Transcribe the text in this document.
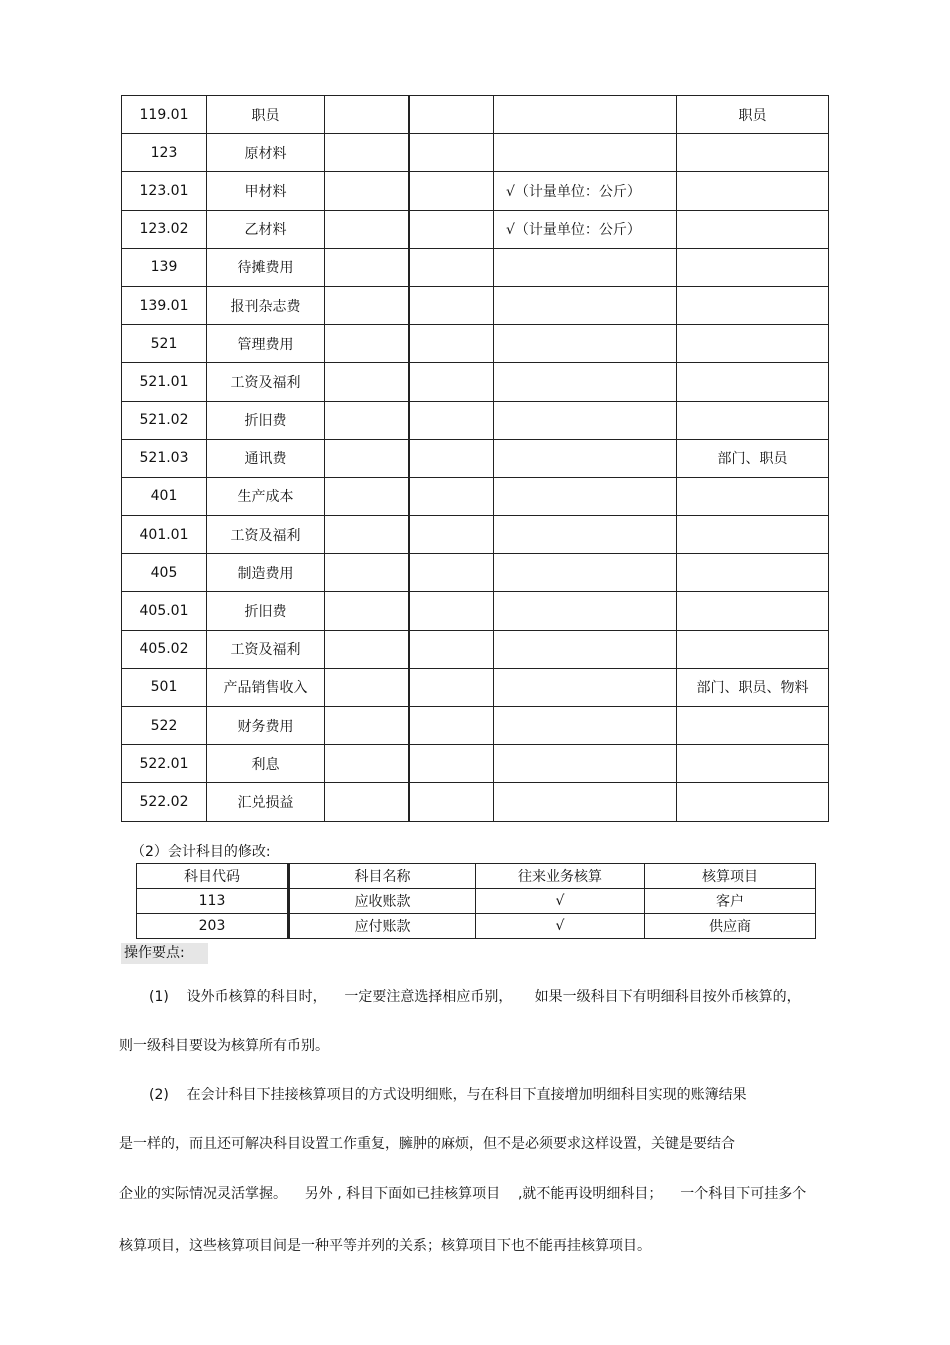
119.01	职员				职员
123	原材料				
123.01	甲材料			√（计量单位：公斤）	
123.02	乙材料			√（计量单位：公斤）	
139	待摊费用				
139.01	报刊杂志费				
521	管理费用				
521.01	工资及福利				
521.02	折旧费				
521.03	通讯费				部门、职员
401	生产成本				
401.01	工资及福利				
405	制造费用				
405.01	折旧费				
405.02	工资及福利				
501	产品销售收入				部门、职员、物料
522	财务费用				
522.01	利息				
522.02	汇兑损益				
（2）会计科目的修改:
科目代码	科目名称	往来业务核算	核算项目
113	应收账款	√	客户
203	应付账款	√	供应商
操作要点:
(1)    设外币核算的科目时，    一定要注意选择相应币别，     如果一级科目下有明细科目按外币核算的，
则一级科目要设为核算所有币别。
(2)    在会计科目下挂接核算项目的方式设明细账，与在科目下直接增加明细科目实现的账簿结果
是一样的，而且还可解决科目设置工作重复，臃肿的麻烦，但不是必须要求这样设置，关键是要结合
企业的实际情况灵活掌握。    另外 , 科目下面如已挂核算项目    ,就不能再设明细科目；    一个科目下可挂多个
核算项目，这些核算项目间是一种平等并列的关系；核算项目下也不能再挂核算项目。
